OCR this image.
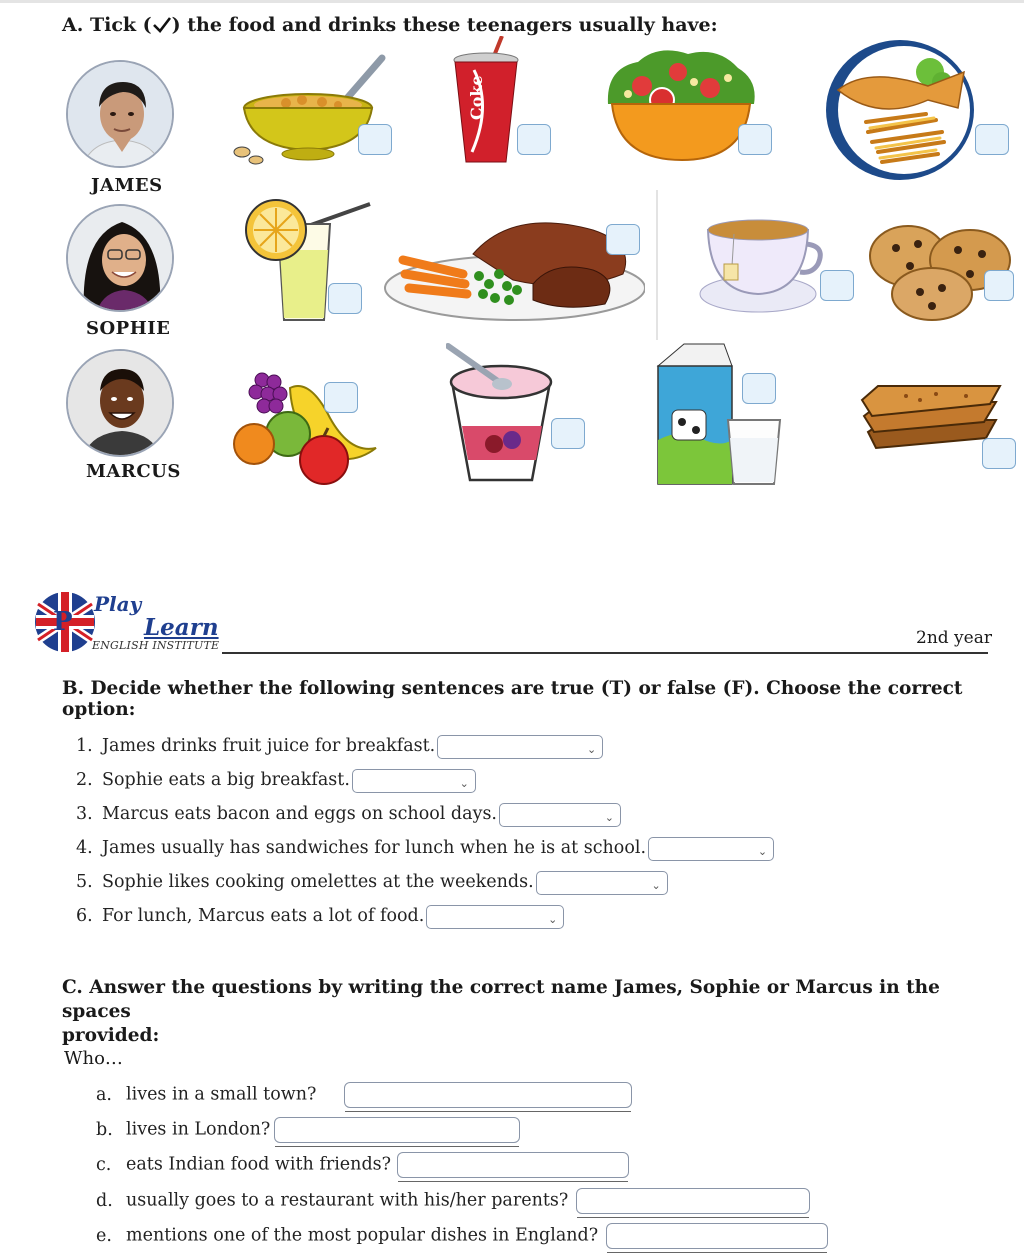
A. Tick ( ) the food and drinks these teenagers usually have:
JAMES
Coke
SOPHIE
MARCUS
P
Play
Learn
ENGLISH INSTITUTE	2nd year
B. Decide whether the following sentences are true (T) or false (F). Choose the correct option:
1. James drinks fruit juice for breakfast.	⌄
2. Sophie eats a big breakfast.	⌄
3. Marcus eats bacon and eggs on school days.	⌄
4. James usually has sandwiches for lunch when he is at school.	⌄
5. Sophie likes cooking omelettes at the weekends.	⌄
6. For lunch, Marcus eats a lot of food.	⌄
C. Answer the questions by writing the correct name James, Sophie or Marcus in the spaces
provided:
Who…
a. lives in a small town?
b. lives in London?
c. eats Indian food with friends?
d. usually goes to a restaurant with his/her parents?
e. mentions one of the most popular dishes in England?
